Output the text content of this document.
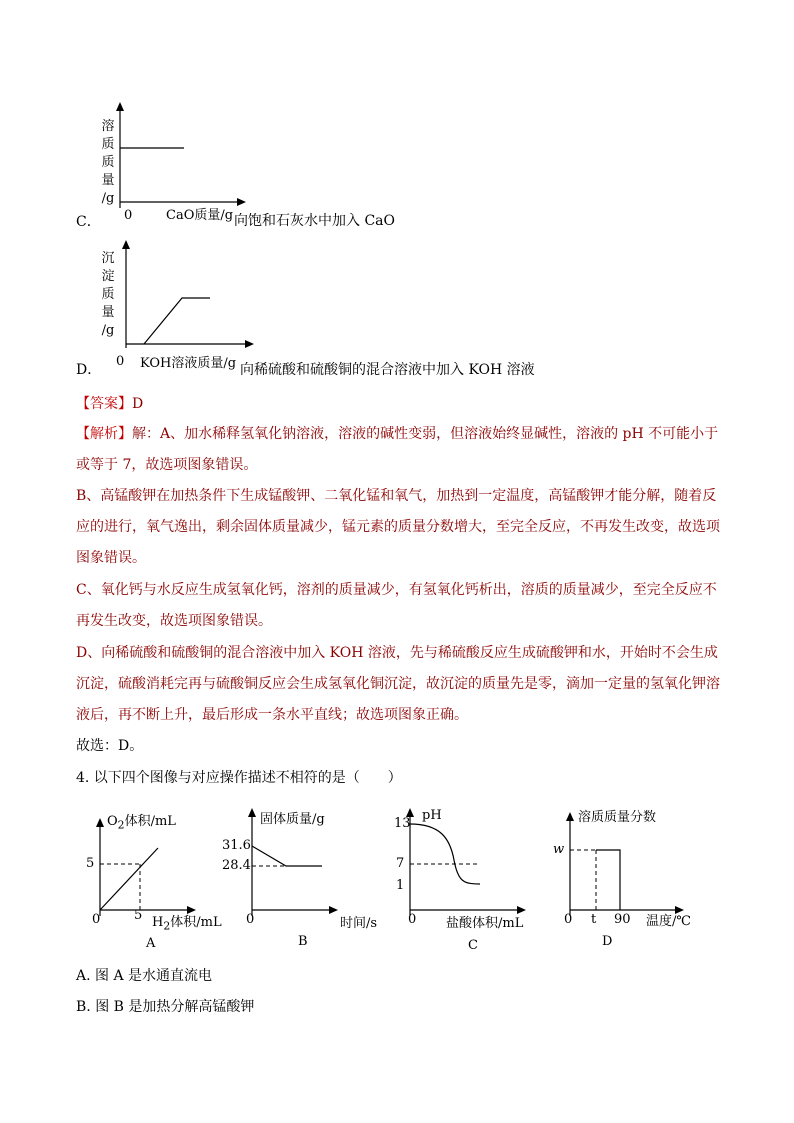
溶
质
质
量
/g
C． 0	CaO质量/g 向饱和石灰水中加入 CaO
沉
淀
质
量
/g
D．
0 KOH溶液质量/g 向稀硫酸和硫酸铜的混合溶液中加入 KOH 溶液
【答案】D
【解析】解：A、加水稀释氢氧化钠溶液，溶液的碱性变弱，但溶液始终显碱性，溶液的 pH 不可能小于或等于 7，故选项图象错误。
B、高锰酸钾在加热条件下生成锰酸钾、二氧化锰和氧气，加热到一定温度，高锰酸钾才能分解，随着反应的进行，氧气逸出，剩余固体质量减少，锰元素的质量分数增大，至完全反应，不再发生改变，故选项图象错误。
C、氧化钙与水反应生成氢氧化钙，溶剂的质量减少，有氢氧化钙析出，溶质的质量减少，至完全反应不再发生改变，故选项图象错误。
D、向稀硫酸和硫酸铜的混合溶液中加入 KOH 溶液，先与稀硫酸反应生成硫酸钾和水，开始时不会生成沉淀，硫酸消耗完再与硫酸铜反应会生成氢氧化铜沉淀，故沉淀的质量先是零，滴加一定量的氢氧化钾溶液后，再不断上升，最后形成一条水平直线；故选项图象正确。
故选：D。
4. 以下四个图像与对应操作描述不相符的是（　　）
$O_2$体积/mL
5
0	5 $H_2$体积/mL
A
固体质量/g
31.6
28.4
0	时间/s
B
pH
13
7
1
0 盐酸体积/mL
C
溶质质量分数
w
0 t 90 温度/℃
D
A. 图 A 是水通直流电
B. 图 B 是加热分解高锰酸钾
